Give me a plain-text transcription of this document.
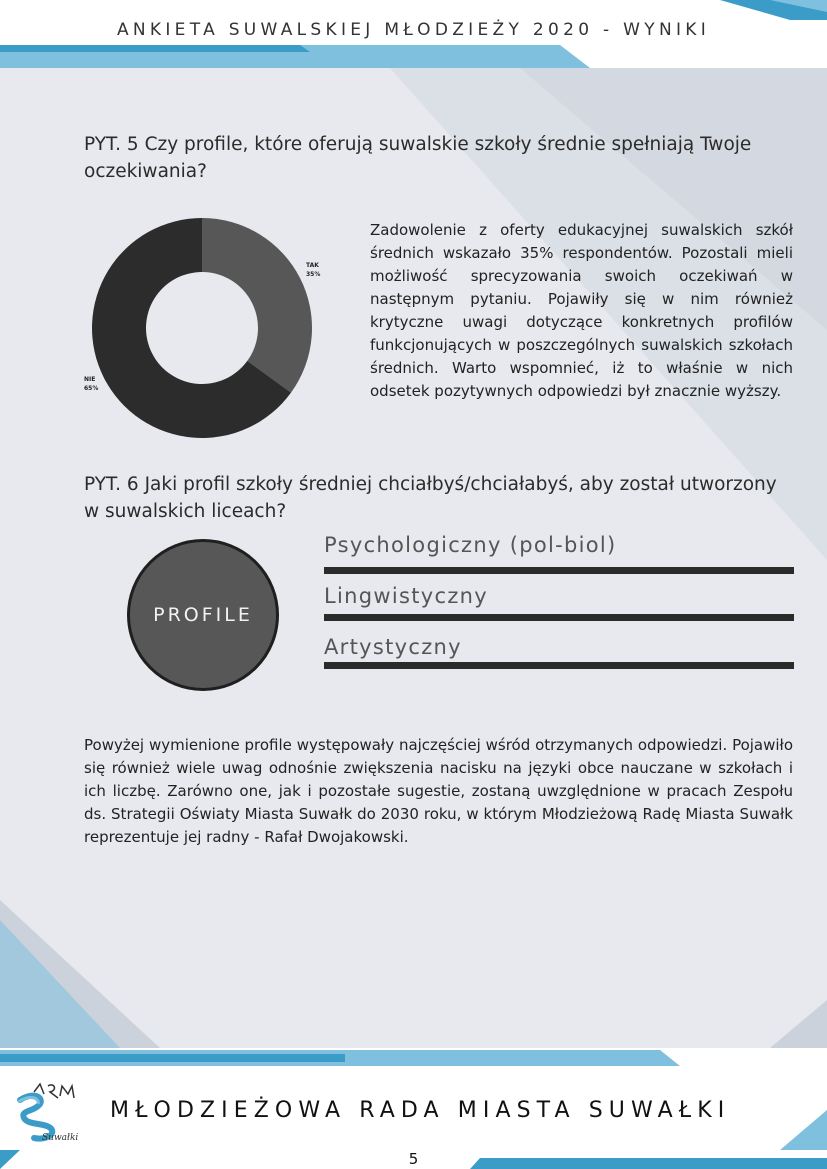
ANKIETA SUWALSKIEJ MŁODZIEŻY 2020 - WYNIKI
PYT. 5 Czy profile, które oferują suwalskie szkoły średnie spełniają Twoje oczekiwania?
TAK
35%
NIE
65%
Zadowolenie z oferty edukacyjnej suwalskich szkół średnich wskazało 35% respondentów. Pozostali mieli możliwość sprecyzowania swoich oczekiwań w następnym pytaniu. Pojawiły się w nim również krytyczne uwagi dotyczące konkretnych profilów funkcjonujących w poszczególnych suwalskich szkołach średnich. Warto wspomnieć, iż to właśnie w nich odsetek pozytywnych odpowiedzi był znacznie wyższy.
PYT. 6 Jaki profil szkoły średniej chciałbyś/chciałabyś, aby został utworzony w suwalskich liceach?
PROFILE
Psychologiczny (pol-biol)
Lingwistyczny
Artystyczny
Powyżej wymienione profile występowały najczęściej wśród otrzymanych odpowiedzi. Pojawiło się również wiele uwag odnośnie zwiększenia nacisku na języki obce nauczane w szkołach i ich liczbę. Zarówno one, jak i pozostałe sugestie, zostaną uwzględnione w pracach Zespołu ds. Strategii Oświaty Miasta Suwałk do 2030 roku, w którym Młodzieżową Radę Miasta Suwałk reprezentuje jej radny - Rafał Dwojakowski.
Suwałki
MŁODZIEŻOWA RADA MIASTA SUWAŁKI
5
